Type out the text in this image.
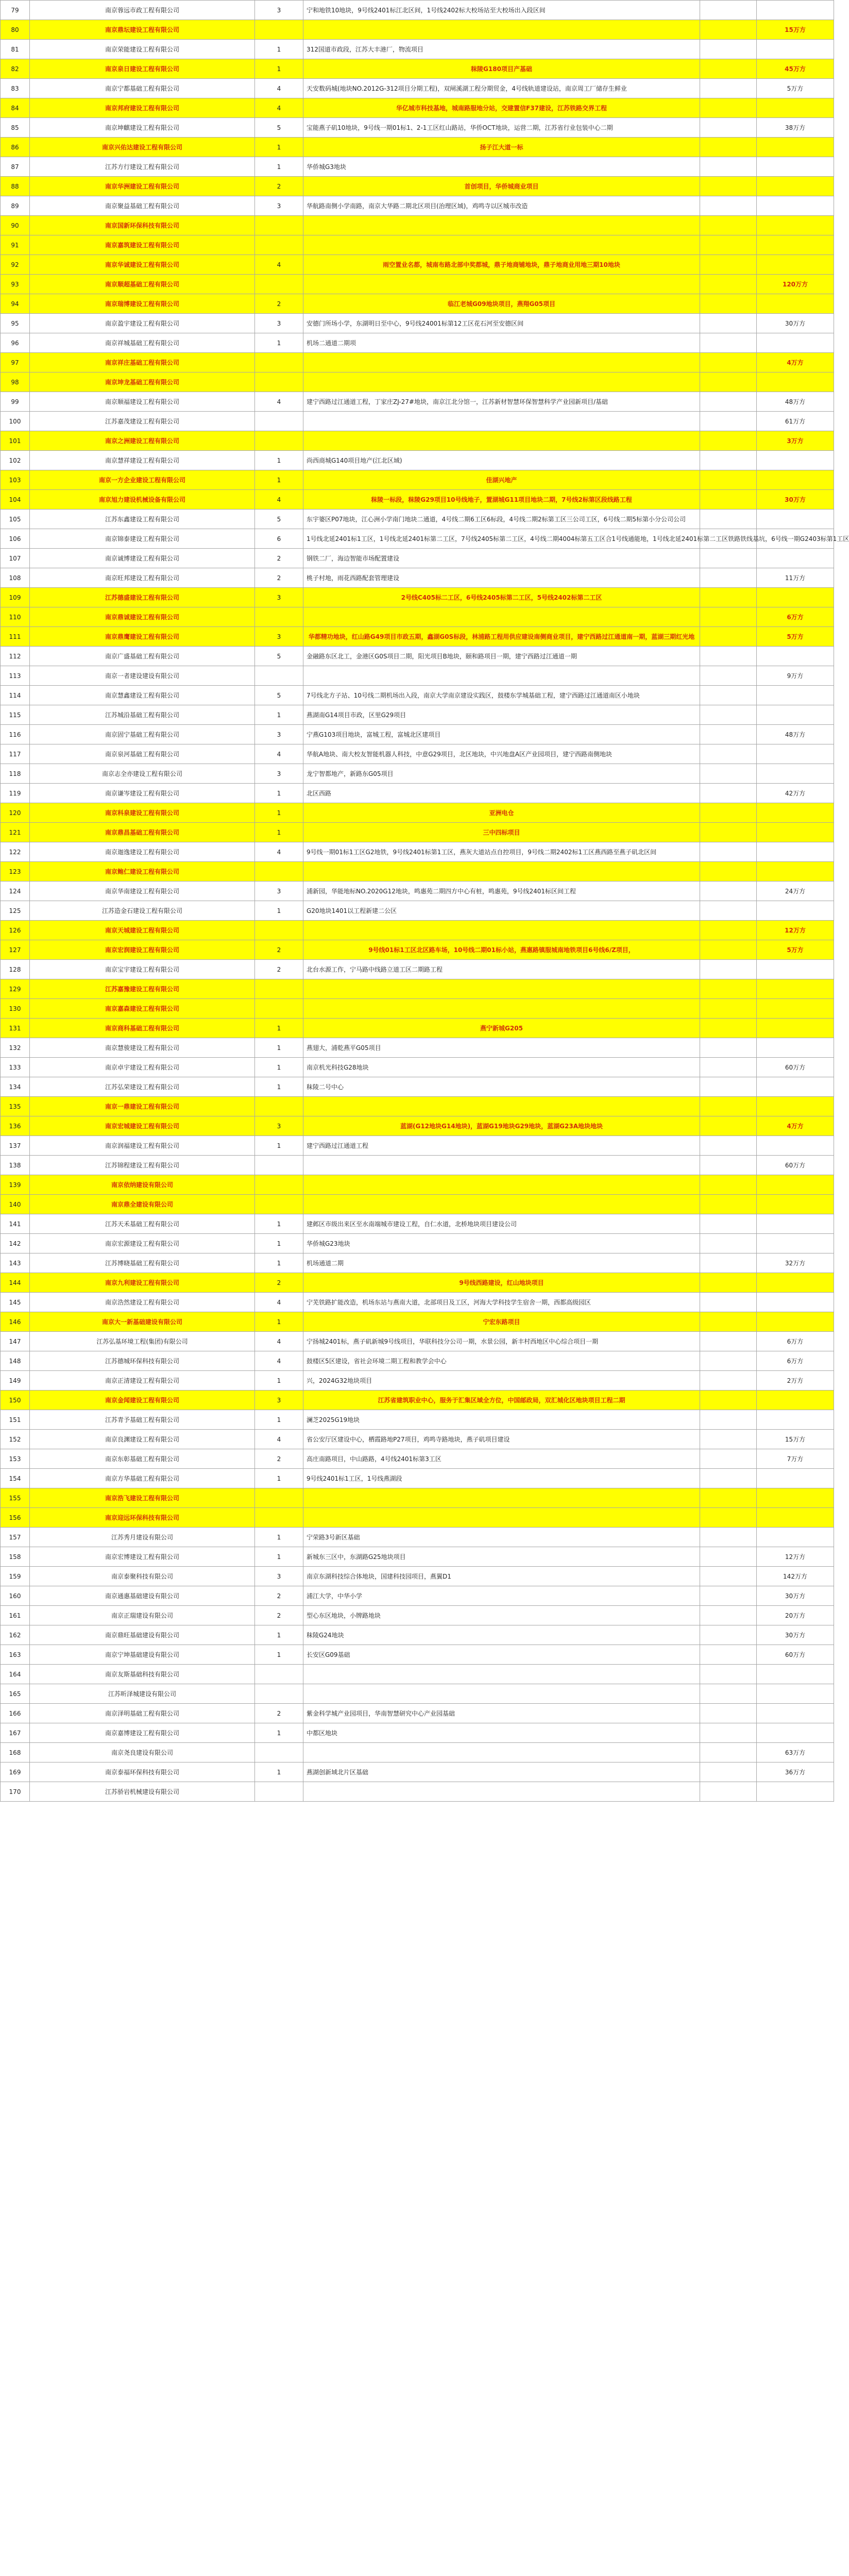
79	南京蓉远市政工程有限公司	3	宁和地铁10地块，9号线2401标江北区间，1号线2402标大校场站至大校场出入段区间		
80	南京鼎坛建设工程有限公司				15万方
81	南京荣能建设工程有限公司	1	312国道市政段，江苏大丰港厂，物流项目		
82	南京泉日建设工程有限公司	1	秣陵G180项目产基础		45万方
83	南京宁都基础工程有限公司	4	天安数码城(地块NO.2012G-312项目分期工程)，双闸溪湖工程分期贸金，4号线轨道建设站，南京周工厂储存生鲜业		5万方
84	南京邦府建设工程有限公司	4	华亿城市科技基地，城南路服地分站，交建置信F37建设，江苏铁路交界工程		
85	南京坤麒建设工程有限公司	5	宝能燕子矶10地块，9号线一期01标1、2-1工区红山路站，华侨OCT地块，运营二期，江苏省行业包装中心二期		38万方
86	南京兴佑达建设工程有限公司	1	扬子江大道一标		
87	江苏方行建设工程有限公司	1	华侨城G3地块		
88	南京华洲建设工程有限公司	2	首创项目，华侨城商业项目		
89	南京聚益基础工程有限公司	3	华航路南侧小学南路，南京大华路二期北区项目(治理区域)，鸡鸣寺以区城市改造		
90	南京国新环保科技有限公司				
91	南京嘉筑建设工程有限公司				
92	南京华诚建设工程有限公司	4	雨空置业名都，城南布路北部中奖都城，鼎子地商铺地块，鼎子地商业用地三期10地块		
93	南京顺超基础工程有限公司				120万方
94	南京瑞博建设工程有限公司	2	临江老城G09地块项目，燕翔G05项目		
95	南京盈宇建设工程有限公司	3	安德门所场小学，东湖明日至中心，9号线24001标第12工区花石河至安德区间		30万方
96	南京祥城基础工程有限公司	1	机场二通道二期项		
97	南京祥庄基础工程有限公司				4万方
98	南京坤龙基础工程有限公司				
99	南京顺福建设工程有限公司	4	建宁西路过江通道工程，丁家庄ZJ-27#地块，南京江北分馆一，江苏新材智慧环保智慧科学产业园新项目/基础		48万方
100	江苏嘉茂建设工程有限公司				61万方
101	南京之洲建设工程有限公司				3万方
102	南京慧祥建设工程有限公司	1	尚西商城G140项目地产(江北区域)		
103	南京一方企业建设工程有限公司	1	佳湖兴地产		
104	南京旭力建设机械设备有限公司	4	秣陵一标段，秣陵G29项目10号线地子，置湖城G11项目地块二期，7号线2标第区段线路工程		30万方
105	江苏东鑫建设工程有限公司	5	东宇婆区P07地块，江心洲小学南门地块二通道，4号线二期6工区6标段，4号线二期2标第工区三公司工区，6号线二期5标第小分公司公司		
106	南京锦泰建设工程有限公司	6	1号线北延2401标1工区，1号线北延2401标第二工区，7号线2405标第二工区，4号线二期4004标第五工区合1号线通能地，1号线北延2401标第二工区铁路铁线基坑，6号线一期G2403标第1工区		
107	南京诚博建设工程有限公司	2	钢铁二厂，海边智能市场配置建设		
108	南京旺邦建设工程有限公司	2	桃子村地，雨花西路配套管理建设		11万方
109	江苏德盛建设工程有限公司	3	2号线C405标二工区，6号线2405标第二工区，5号线2402标第二工区		
110	南京鼎诚建设工程有限公司				6万方
111	南京鼎鹰建设工程有限公司	3	华都精功地块，红山路G49项目市政五期，鑫湖G0S标段，林浦路工程用供应建设南侧商业项目，建宁西路过江通道南一期，蓝湖三期红光地		5万方
112	南京广盛基础工程有限公司	5	金融路东区北工，金港区G0S项目二期，阳光项目B地块，颐和路项目一期，建宁西路过江通道一期		
113	南京一者建设建设有限公司				9万方
114	南京慧鑫建设工程有限公司	5	7号线北方子站、10号线二期机场出入段，南京大学南京建设实践区，鼓楼东学城基础工程，建宁西路过江通道南区小地块		
115	江苏城沿基础工程有限公司	1	燕湖南G14项目市政，区里G29项目		
116	南京固宁基础工程有限公司	3	宁燕G103项目地块，富城工程，富城北区建项目		48万方
117	南京泉河基础工程有限公司	4	华航A地块、南大校友智能机器人科技，中意G29项目，北区地块，中兴地盘A区产业园项目，建宁西路南侧地块		
118	南京志全亦建设工程有限公司	3	龙宁智都地产，新路东G05项目		
119	南京谦岑建设工程有限公司	1	北区西路		42万方
120	南京科泉建设工程有限公司	1	亚洲电仓		
121	南京鼎昌基础工程有限公司	1	三中四标项目		
122	南京迦逸建设工程有限公司	4	9号线一期01标1工区G2地铁，9号线2401标第1工区，燕灰大道站点自控项目，9号线二期2402标1工区燕西路至燕子矶北区间		
123	南京鲍仁建设工程有限公司				
124	南京华南建设工程有限公司	3	浦新园，华能地标NO.2020G12地块，鸣惠苑二期四方中心有桩，鸣惠苑，9号线2401标区间工程		24万方
125	江苏造金石建设工程有限公司	1	G20地块1401以工程新建二公区		
126	南京天城建设工程有限公司				12万方
127	南京宏润建设工程有限公司	2	9号线01标1工区北区路车场，10号线二期01标小站，燕惠路镇服城南地铁项目6号线6/Z项目，		5万方
128	南京宝宇建设工程有限公司	2	北台水源工作，宁马路中线路立道工区二期路工程		
129	江苏嘉豫建设工程有限公司				
130	南京嘉森建设工程有限公司				
131	南京商科基础工程有限公司	1	燕宁新城G205		
132	南京慧骏建设工程有限公司	1	燕翅大，浦乾燕平G05项目		
133	南京卓宇建设工程有限公司	1	南京机光科技G28地块		60万方
134	江苏弘荣建设工程有限公司	1	秣陵二号中心		
135	南京一鼎建设工程有限公司				
136	南京宏城建设工程有限公司	3	蓝湖(G12地块G14地块)，蓝湖G19地块G29地块，蓝湖G23A地块地块		4万方
137	南京润福建设工程有限公司	1	建宁西路过江通道工程		
138	江苏锦程建设工程有限公司				60万方
139	南京依纳建设有限公司				
140	南京鼎全建设有限公司				
141	江苏天禾基础工程有限公司	1	建邺区市级出来区至水南端城市建设工程，自仁水道，北桥地块项目建设公司		
142	南京宏源建设工程有限公司	1	华侨城G23地块		
143	江苏博晓基础工程有限公司	1	机场通道二期		32万方
144	南京九利建设工程有限公司	2	9号线西路建设，红山地块项目		
145	南京浩然建设工程有限公司	4	宁芜铁路扩能改造，机场东站与燕南大道，北部项目及工区，河海大学科技学生宿舍一期，西都高级园区		
146	南京大一新基础建设有限公司	1	宁宏东路项目		
147	江苏弘基环境工程(集团)有限公司	4	宁扬城2401标，燕子矶新城9号线项目，华联科技分公司一期，水景公园，新丰村西地区中心综合项目一期		6万方
148	江苏德城环保科技有限公司	4	鼓楼区5区建设，省社会环境二期工程和教学会中心		6万方
149	南京正清建设工程有限公司	1	兴，2024G32地块项目		2万方
150	南京金闻建设工程有限公司	3	江苏省建筑职业中心，服务于汇集区域全方位，中国邮政局，双汇城化区地块项目工程二期		
151	江苏青予基础工程有限公司	1	澜芝2025G19地块		
152	南京良渊建设工程有限公司	4	省公安厅区建设中心，栖霞路地P27项目，鸡鸣寺路地块，燕子矶项目建设		15万方
153	南京东彰基础工程有限公司	2	高庄南路项目，中山路路，4号线2401标第3工区		7万方
154	南京方华基础工程有限公司	1	9号线2401标1工区，1号线燕湖段		
155	南京浩飞建设工程有限公司				
156	南京迎远环保科技有限公司				
157	江苏秀月建设有限公司	1	宁荣路3号新区基础		
158	南京宏博建设工程有限公司	1	新城东三区中，东湖路G25地块项目		12万方
159	南京泰聚科技有限公司	3	南京东湖科技综合体地块，国建科技园项目，燕翼D1		142万方
160	南京通惠基础建设有限公司	2	浦江大学，中华小学		30万方
161	南京正瑞建设有限公司	2	型心东区地块，小牌路地块		20万方
162	南京鼎旺基础建设有限公司	1	秣陵G24地块		30万方
163	南京宁坤基础建设有限公司	1	长安区G09基础		60万方
164	南京友斯基础科技有限公司				
165	江苏昕泽城建设有限公司				
166	南京泽明基础工程有限公司	2	紫金科学城产业园项目，华南智慧研究中心产业园基础		
167	南京嘉博建设工程有限公司	1	中都区地块		
168	南京尧良建设有限公司				63万方
169	南京泰福环保科技有限公司	1	燕湖创新域北片区基础		36万方
170	江苏骄岩机械建设有限公司				
